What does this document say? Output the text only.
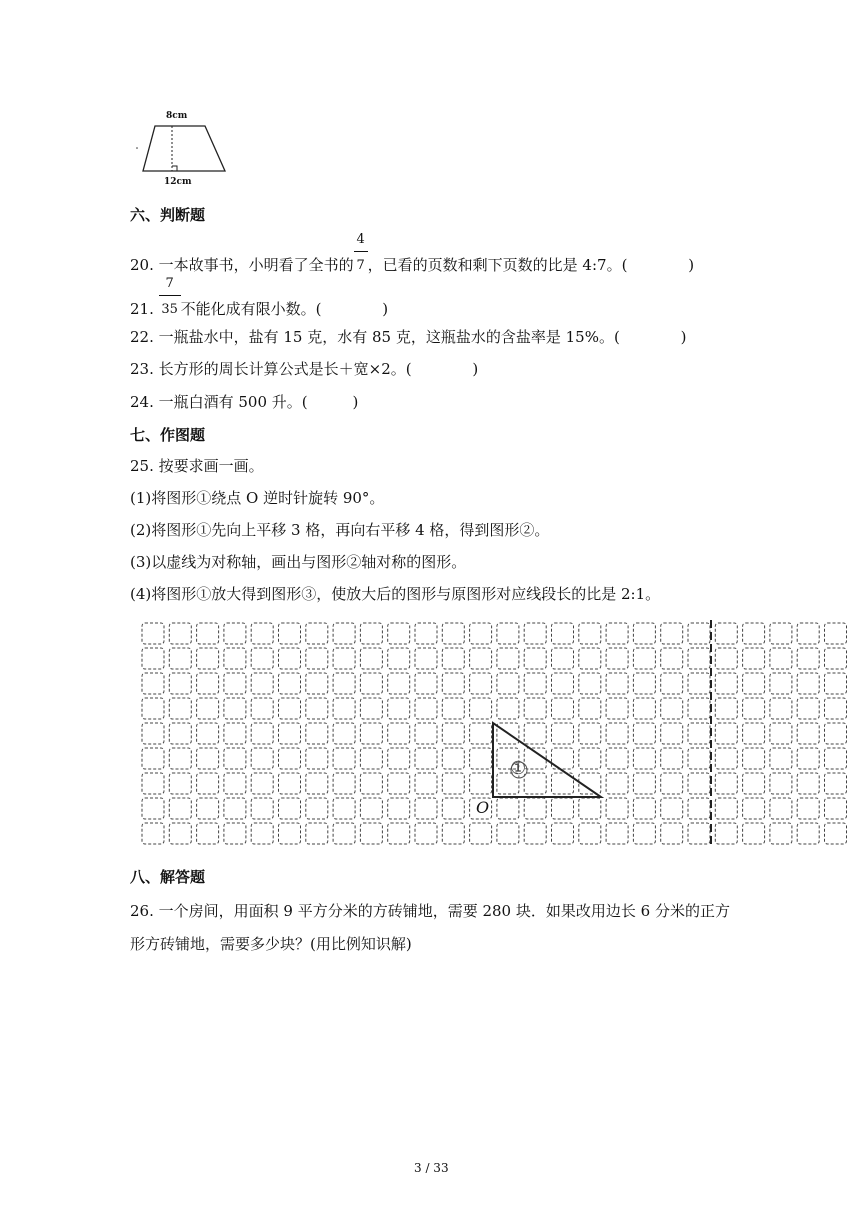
8cm
12cm
六、判断题
20. 一本故事书，小明看了全书的 $\frac{4}{7}$ ，已看的页数和剩下页数的比是 4:7。(	)
21. $\frac{7}{35}$ 不能化成有限小数。(	)
22. 一瓶盐水中，盐有 15 克，水有 85 克，这瓶盐水的含盐率是 15%。(	)
23. 长方形的周长计算公式是长＋宽×2。(	)
24. 一瓶白酒有 500 升。(	)
七、作图题
25. 按要求画一画。
(1)将图形①绕点 O 逆时针旋转 90°。
(2)将图形①先向上平移 3 格，再向右平移 4 格，得到图形②。
(3)以虚线为对称轴，画出与图形②轴对称的图形。
(4)将图形①放大得到图形③，使放大后的图形与原图形对应线段长的比是 2:1。
①
O
八、解答题
26. 一个房间，用面积 9 平方分米的方砖铺地，需要 280 块．如果改用边长 6 分米的正方
形方砖铺地，需要多少块？(用比例知识解)
3 / 33
